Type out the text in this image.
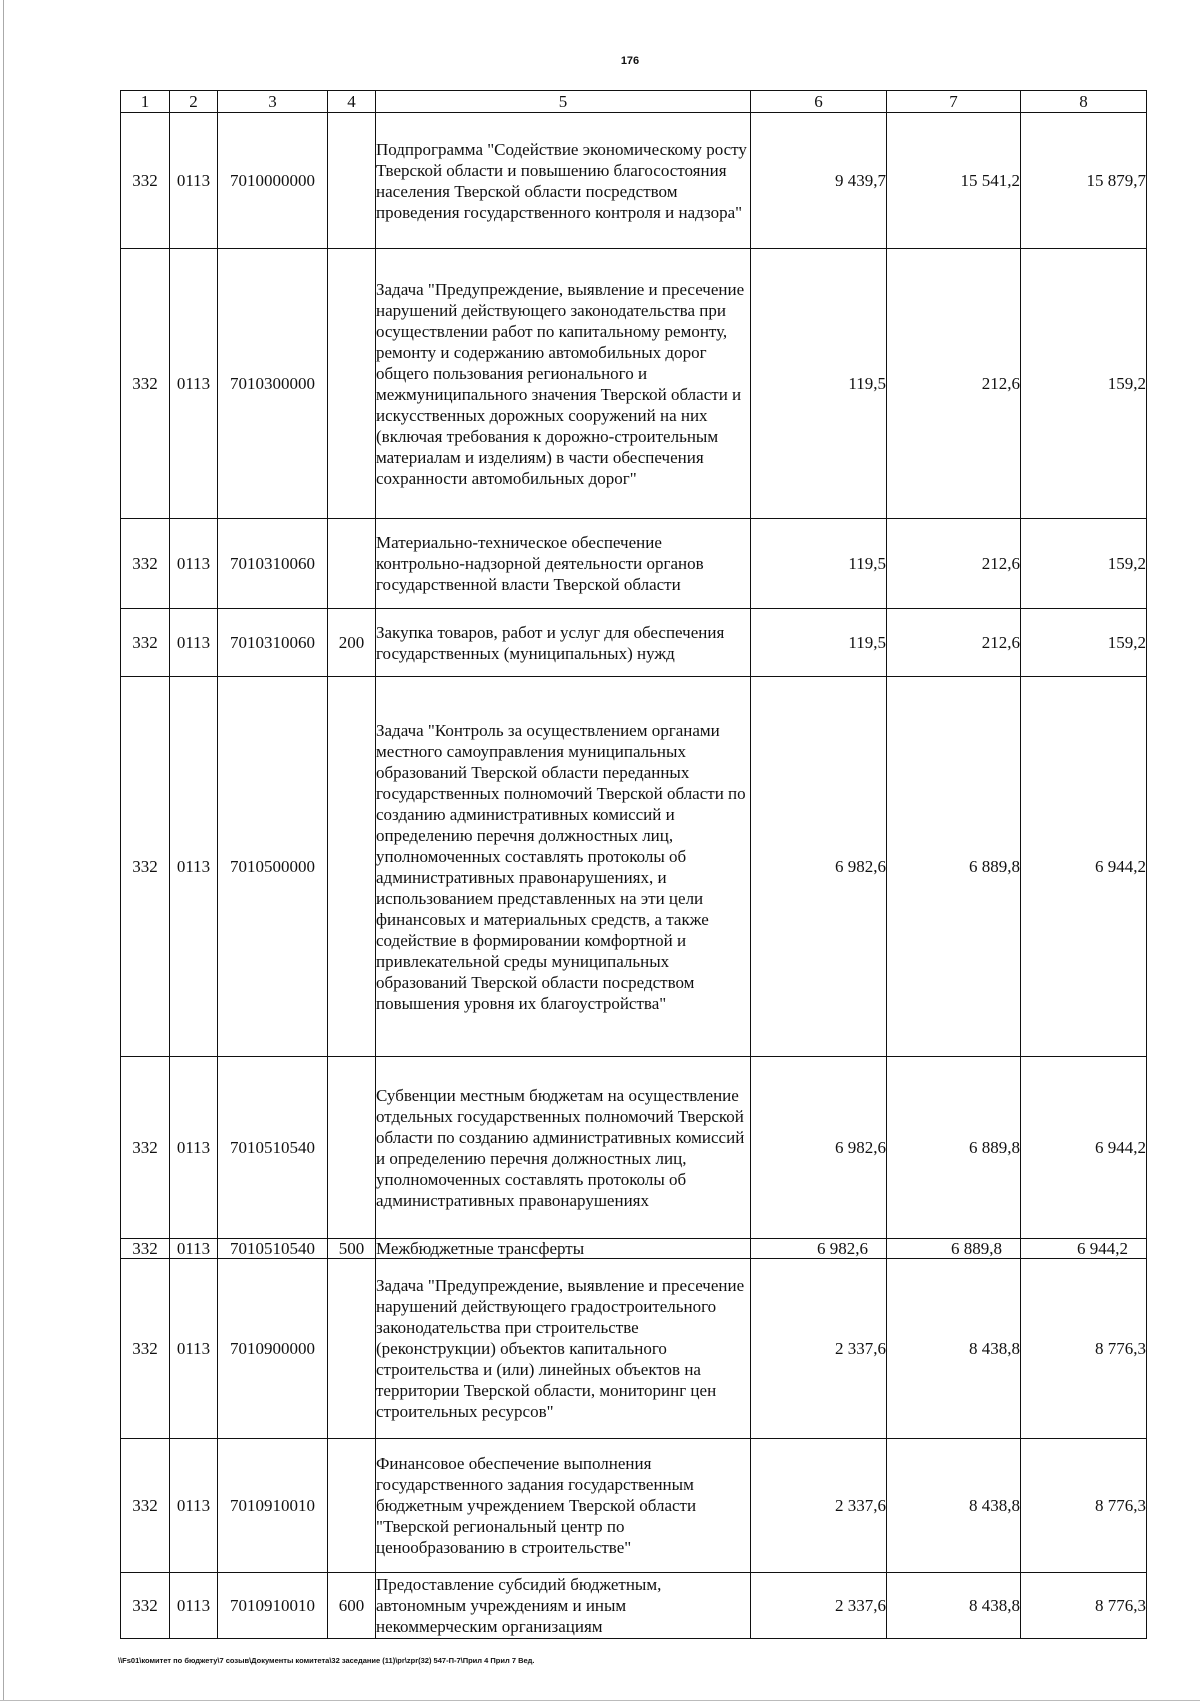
176
1	2	3	4	5	6	7	8
332	0113	7010000000		Подпрограмма "Содействие экономическому росту Тверской области и повышению благосостояния населения Тверской области посредством проведения государственного контроля и надзора"	9 439,7	15 541,2	15 879,7
332	0113	7010300000		Задача "Предупреждение, выявление и пресечение нарушений действующего законодательства при осуществлении работ по капитальному ремонту, ремонту и содержанию автомобильных дорог общего пользования регионального и межмуниципального значения Тверской области и искусственных дорожных сооружений на них (включая требования к дорожно-строительным материалам и изделиям) в части обеспечения сохранности автомобильных дорог"	119,5	212,6	159,2
332	0113	7010310060		Материально-техническое обеспечение контрольно-надзорной деятельности органов государственной власти Тверской области	119,5	212,6	159,2
332	0113	7010310060	200	Закупка товаров, работ и услуг для обеспечения государственных (муниципальных) нужд	119,5	212,6	159,2
332	0113	7010500000		Задача "Контроль за осуществлением органами местного самоуправления муниципальных образований Тверской области переданных государственных полномочий Тверской области по созданию административных комиссий и определению перечня должностных лиц, уполномоченных составлять протоколы об административных правонарушениях, и использованием представленных на эти цели финансовых и материальных средств, а также содействие в формировании комфортной и привлекательной среды муниципальных образований Тверской области посредством повышения уровня их благоустройства"	6 982,6	6 889,8	6 944,2
332	0113	7010510540		Субвенции местным бюджетам на осуществление отдельных государственных полномочий Тверской области по созданию административных комиссий и определению перечня должностных лиц, уполномоченных составлять протоколы об административных правонарушениях	6 982,6	6 889,8	6 944,2
332	0113	7010510540	500	Межбюджетные трансферты	6 982,6	6 889,8	6 944,2
332	0113	7010900000		Задача "Предупреждение, выявление и пресечение нарушений действующего градостроительного законодательства при строительстве (реконструкции) объектов капитального строительства и (или) линейных объектов на территории Тверской области, мониторинг цен строительных ресурсов"	2 337,6	8 438,8	8 776,3
332	0113	7010910010		Финансовое обеспечение выполнения государственного задания государственным бюджетным учреждением Тверской области "Тверской региональный центр по ценообразованию в строительстве"	2 337,6	8 438,8	8 776,3
332	0113	7010910010	600	Предоставление субсидий бюджетным, автономным учреждениям и иным некоммерческим организациям	2 337,6	8 438,8	8 776,3
\\Fs01\комитет по бюджету\7 созыв\Документы комитета\32 заседание (11)\pr\zpr(32) 547-П-7\Прил 4 Прил 7 Вед.
